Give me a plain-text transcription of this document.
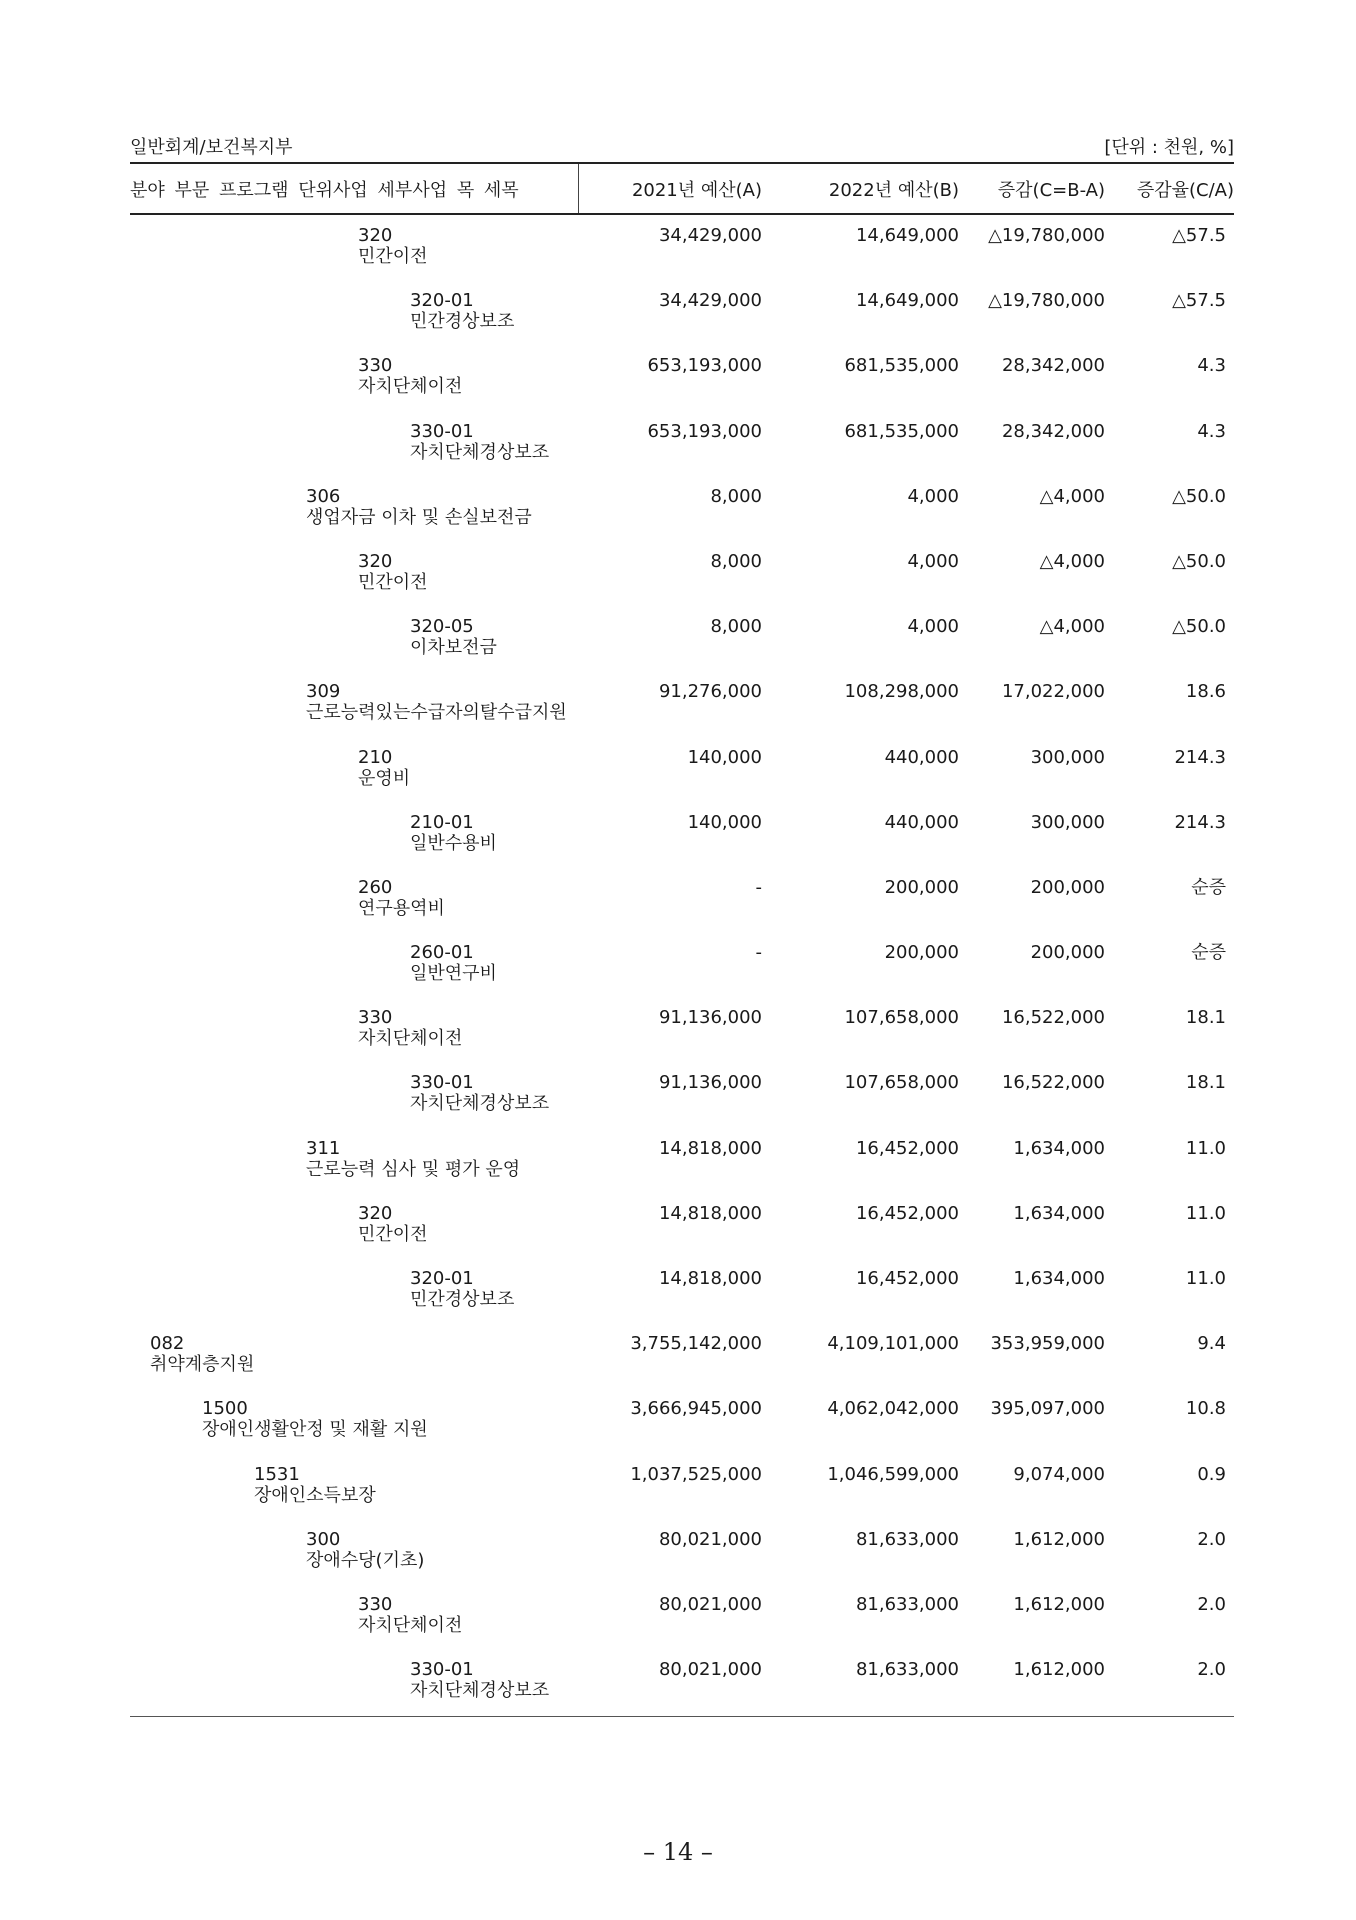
일반회계/보건복지부	[단위 : 천원, %]
분야 부문 프로그램 단위사업 세부사업 목 세목	2021년 예산(A)	2022년 예산(B) 증감(C=B-A) 증감율(C/A)
320
민간이전
34,429,000	14,649,000 △19,780,000	△57.5
320-01
민간경상보조
34,429,000	14,649,000 △19,780,000	△57.5
330
자치단체이전
653,193,000	681,535,000 28,342,000	4.3
330-01
자치단체경상보조
653,193,000	681,535,000 28,342,000	4.3
306
생업자금 이차 및 손실보전금
8,000	4,000	△4,000	△50.0
320
민간이전
8,000	4,000	△4,000	△50.0
320-05
이차보전금
8,000	4,000	△4,000	△50.0
309
근로능력있는수급자의탈수급지원
91,276,000	108,298,000 17,022,000	18.6
210
운영비
140,000	440,000	300,000	214.3
210-01
일반수용비
140,000	440,000	300,000	214.3
260
연구용역비
-	200,000	200,000	순증
260-01
일반연구비
-	200,000	200,000	순증
330
자치단체이전
91,136,000	107,658,000 16,522,000	18.1
330-01
자치단체경상보조
91,136,000	107,658,000 16,522,000	18.1
311
근로능력 심사 및 평가 운영
14,818,000	16,452,000	1,634,000	11.0
320
민간이전
14,818,000	16,452,000	1,634,000	11.0
320-01
민간경상보조
14,818,000	16,452,000	1,634,000	11.0
082
취약계층지원
3,755,142,000	4,109,101,000 353,959,000	9.4
1500
장애인생활안정 및 재활 지원
3,666,945,000	4,062,042,000 395,097,000	10.8
1531
장애인소득보장
1,037,525,000	1,046,599,000	9,074,000	0.9
300
장애수당(기초)
80,021,000	81,633,000	1,612,000	2.0
330
자치단체이전
80,021,000	81,633,000	1,612,000	2.0
330-01
자치단체경상보조
80,021,000	81,633,000	1,612,000	2.0
– 14 –
